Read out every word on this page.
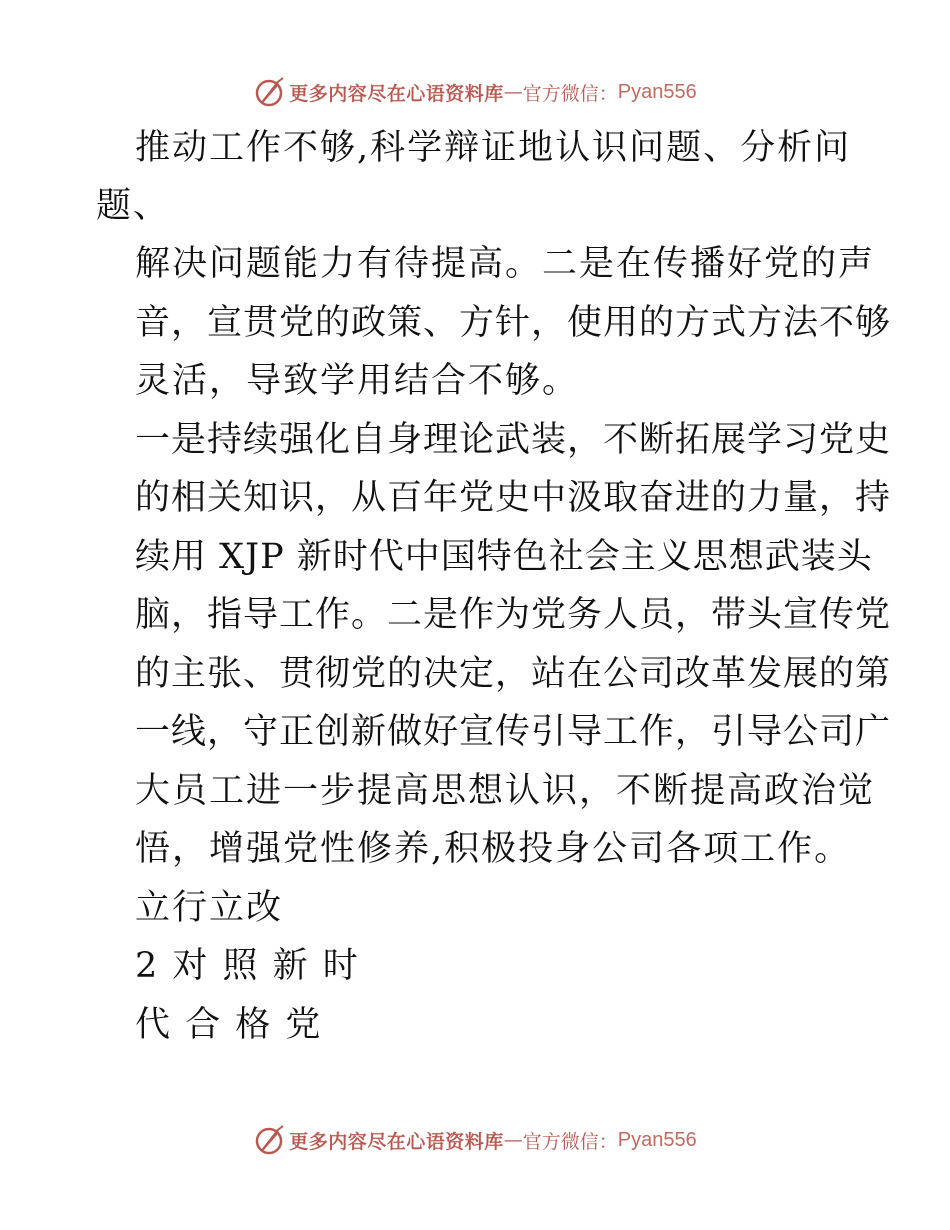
更多内容尽在心语资料库 — 官方微信： Pyan556
推动工作不够,科学辩证地认识问题、分析问
题、
解决问题能力有待提高。二是在传播好党的声
音，宣贯党的政策、方针，使用的方式方法不够
灵活，导致学用结合不够。
一是持续强化自身理论武装，不断拓展学习党史
的相关知识，从百年党史中汲取奋进的力量，持
续用 XJP 新时代中国特色社会主义思想武装头
脑，指导工作。二是作为党务人员，带头宣传党
的主张、贯彻党的决定，站在公司改革发展的第
一线，守正创新做好宣传引导工作，引导公司广
大员工进一步提高思想认识，不断提高政治觉
悟，增强党性修养,积极投身公司各项工作。
立行立改
2 对 照 新 时
代 合 格 党
更多内容尽在心语资料库 — 官方微信： Pyan556
